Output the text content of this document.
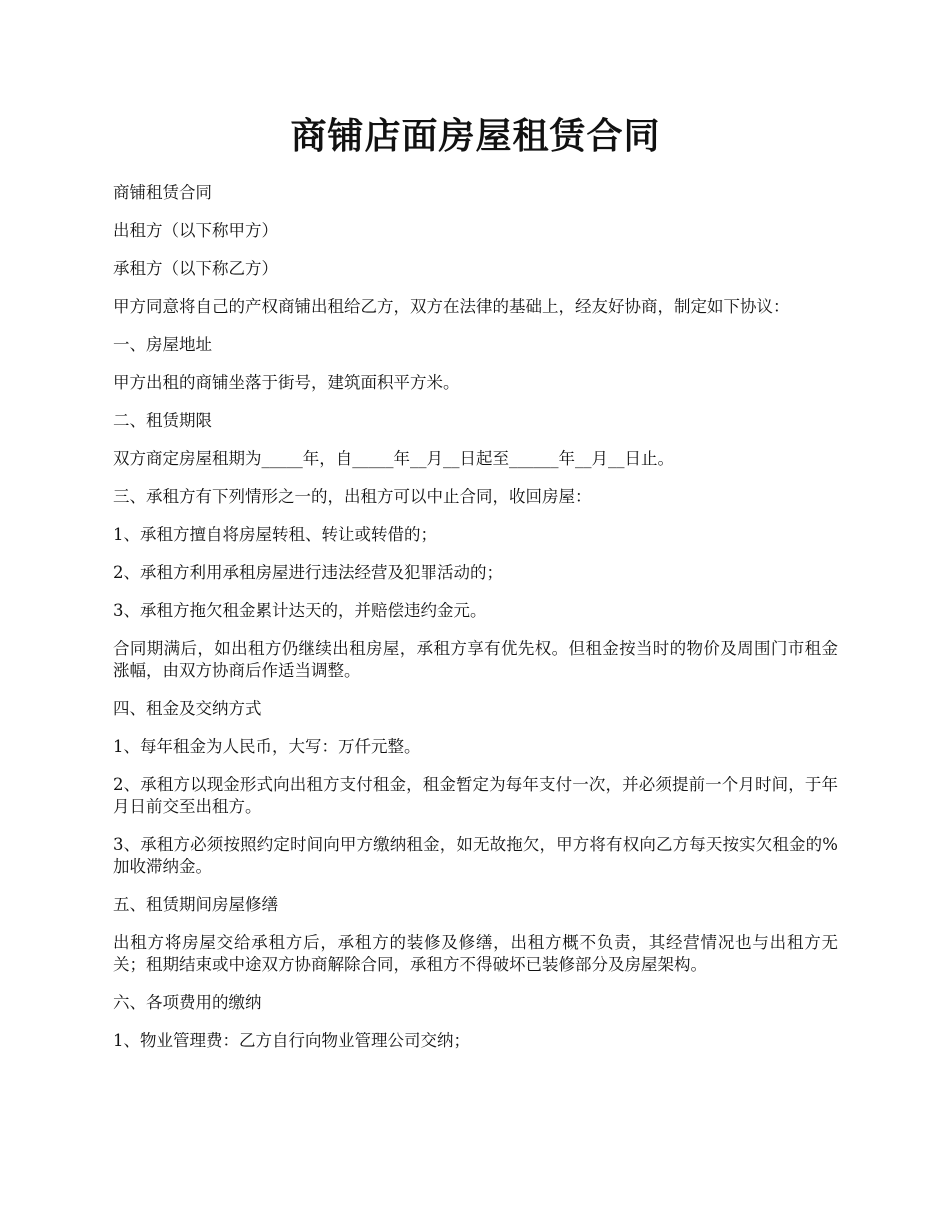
商铺店面房屋租赁合同

商铺租赁合同

出租方（以下称甲方）

承租方（以下称乙方）

甲方同意将自己的产权商铺出租给乙方，双方在法律的基础上，经友好协商，制定如下协议：

一、房屋地址

甲方出租的商铺坐落于街号，建筑面积平方米。

二、租赁期限

双方商定房屋租期为_____年，自_____年__月__日起至______年__月__日止。

三、承租方有下列情形之一的，出租方可以中止合同，收回房屋：

1、承租方擅自将房屋转租、转让或转借的；

2、承租方利用承租房屋进行违法经营及犯罪活动的；

3、承租方拖欠租金累计达天的，并赔偿违约金元。

合同期满后，如出租方仍继续出租房屋，承租方享有优先权。但租金按当时的物价及周围门市租金涨幅，由双方协商后作适当调整。

四、租金及交纳方式

1、每年租金为人民币，大写：万仟元整。

2、承租方以现金形式向出租方支付租金，租金暂定为每年支付一次，并必须提前一个月时间，于年月日前交至出租方。

3、承租方必须按照约定时间向甲方缴纳租金，如无故拖欠，甲方将有权向乙方每天按实欠租金的%加收滞纳金。

五、租赁期间房屋修缮

出租方将房屋交给承租方后，承租方的装修及修缮，出租方概不负责，其经营情况也与出租方无关；租期结束或中途双方协商解除合同，承租方不得破坏已装修部分及房屋架构。

六、各项费用的缴纳

1、物业管理费：乙方自行向物业管理公司交纳；
